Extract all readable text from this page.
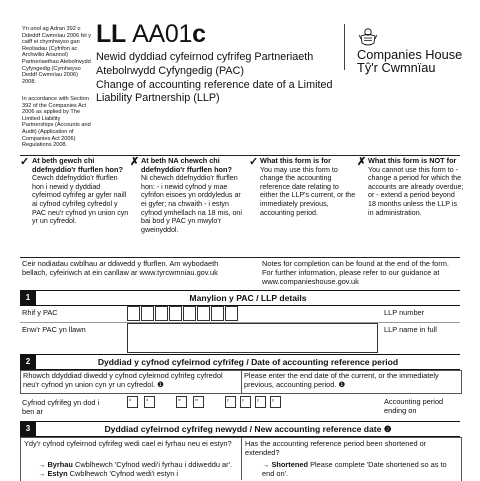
Yn unol ag Adran 392 o Ddeddf Cwmnïau 2006 fel y caiff ei chymhwyso gan Reoliadau (Cyfrifon ac Archwilio Ariannol) Partneriaethau Atebolrwydd Cyfyngedig (Cymhwyso Deddf Cwmnïau 2006) 2008.
In accordance with Section 392 of the Companies Act 2006 as applied by The Limited Liability Partnerships (Accounts and Audit) (Application of Companies Act 2006) Regulations 2008.
LL AA01c
Newid dyddiad cyfeirnod cyfrifeg Partneriaeth
Atebolrwydd Cyfyngedig (PAC)
Change of accounting reference date of a Limited
Liability Partnership (LLP)
Companies House
Tŷ'r Cwmnïau
✓ At beth gewch chi ddefnyddio'r ffurflen hon?
Cewch ddefnyddio'r ffurflen hon i newid y dyddiad cyfeirnod cyfrifeg ar gyfer naill ai cyfnod cyfrifeg cyfredol y PAC neu'r cyfnod yn union cyn yr un cyfredol.
✗ At beth NA chewch chi ddefnyddio'r ffurflen hon?
Ni chewch ddefnyddio'r ffurflen hon: - i newid cyfnod y mae cyfrifon eisoes yn orddyledus ar ei gyfer; na chwaith - i estyn cyfnod ymhellach na 18 mis, oni bai bod y PAC yn mwylo'r gweinyddol.
✓ What this form is for
You may use this form to change the accounting reference date relating to either the LLP's current, or the immediately previous, accounting period.
✗ What this form is NOT for
You cannot use this form to - change a period for which the accounts are already overdue; or - extend a period beyond 18 months unless the LLP is in administration.
Ceir nodiadau cwblhau ar ddiwedd y ffurflen. Am wybodaeth bellach, cyfeiriwch at ein canllaw ar www.tyrcwmniau.gov.uk
Notes for completion can be found at the end of the form. For further information, please refer to our guidance at www.companieshouse.gov.uk
1	Manylion y PAC / LLP details
Rhif y PAC	LLP number
Enw'r PAC yn llawn	LLP name in full
2	Dyddiad y cyfnod cyfeirnod cyfrifeg / Date of accounting reference period
Rhowch ddyddiad diwedd y cyfnod cyfeirnod cyfrifeg cyfredol neu'r cyfnod yn union cyn yr un cyfredol. ❶
Please enter the end date of the current, or the immediately previous, accounting period. ❶
Cyfnod cyfrifeg yn dod i ben ar
d	d	m	m	y	y	y	y	Accounting period ending on
3	Dyddiad cyfeirnod cyfrifeg newydd / New accounting reference date ❷
Ydy'r cyfnod cyfeirnod cyfrifeg wedi cael ei fyrhau neu ei estyn?	Has the accounting reference period been shortened or extended?
→ Byrhau Cwblhewch 'Cyfnod wedi'i fyrhau i ddiweddu ar'.
→ Estyn Cwblhewch 'Cyfnod wedi'i estyn i
→ Shortened Please complete 'Date shortened so as to end on'.
